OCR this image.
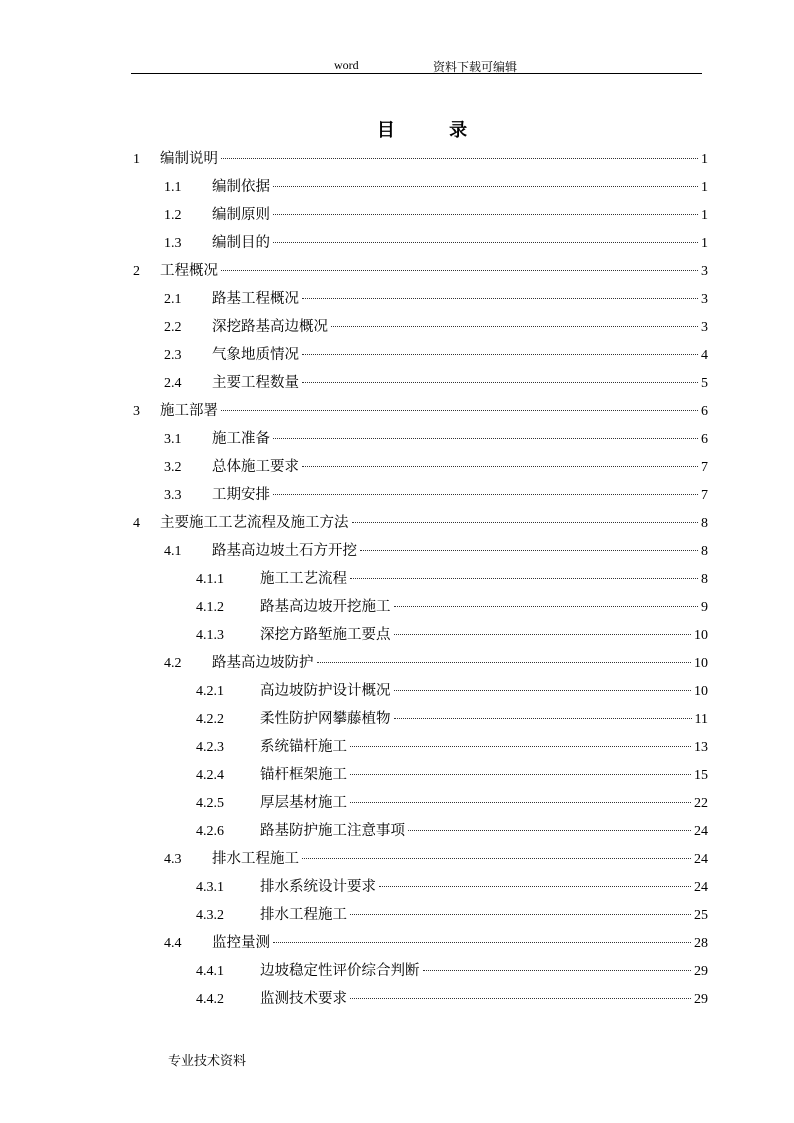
word	资料下载可编辑
目 录
1 编制说明	1
1.1 编制依据	1
1.2 编制原则	1
1.3 编制目的	1
2 工程概况	3
2.1 路基工程概况	3
2.2 深挖路基高边概况	3
2.3 气象地质情况	4
2.4 主要工程数量	5
3 施工部署	6
3.1 施工准备	6
3.2 总体施工要求	7
3.3 工期安排	7
4 主要施工工艺流程及施工方法	8
4.1 路基高边坡土石方开挖	8
4.1.1 施工工艺流程	8
4.1.2 路基高边坡开挖施工	9
4.1.3 深挖方路堑施工要点	10
4.2 路基高边坡防护	10
4.2.1 高边坡防护设计概况	10
4.2.2 柔性防护网攀藤植物	11
4.2.3 系统锚杆施工	13
4.2.4 锚杆框架施工	15
4.2.5 厚层基材施工	22
4.2.6 路基防护施工注意事项	24
4.3 排水工程施工	24
4.3.1 排水系统设计要求	24
4.3.2 排水工程施工	25
4.4 监控量测	28
4.4.1 边坡稳定性评价综合判断	29
4.4.2 监测技术要求	29
专业技术资料
